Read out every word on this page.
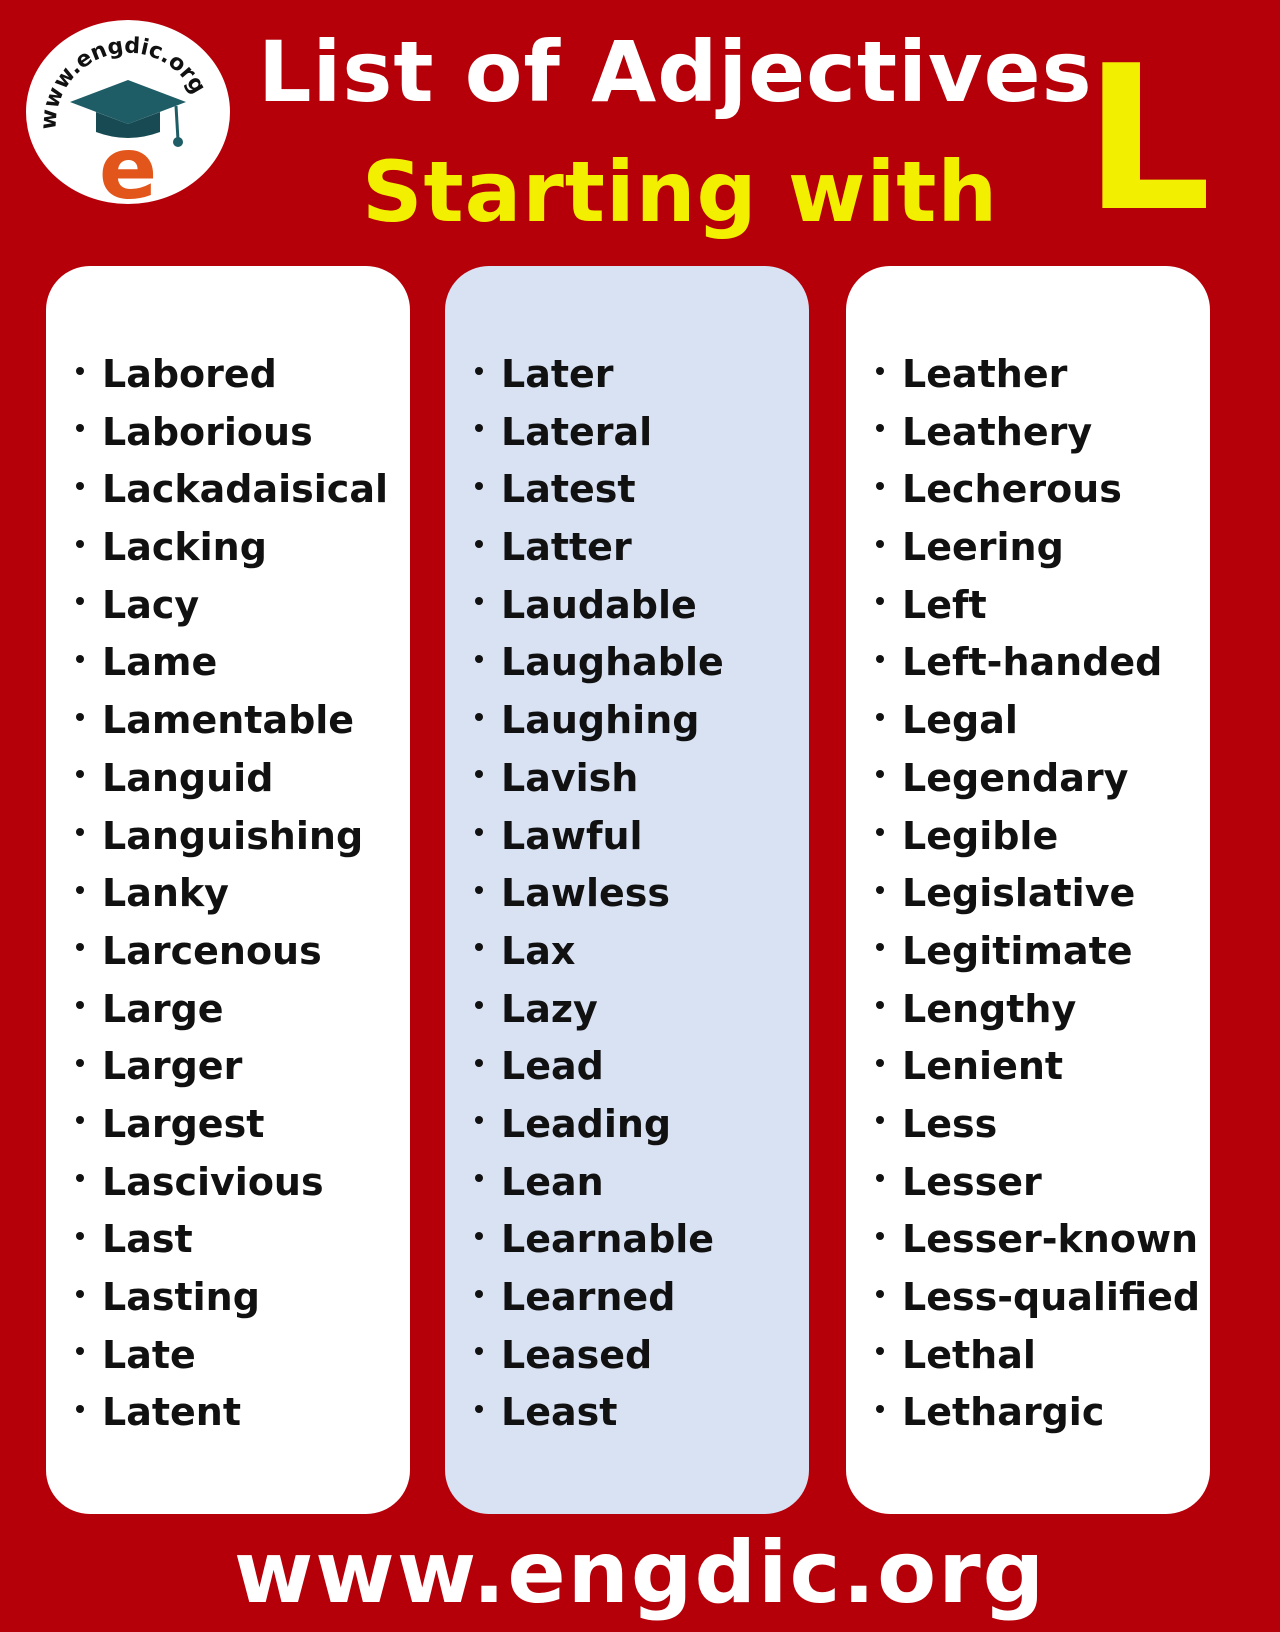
www.engdic.org
e
List of Adjectives
Starting with L
Labored
Laborious
Lackadaisical
Lacking
Lacy
Lame
Lamentable
Languid
Languishing
Lanky
Larcenous
Large
Larger
Largest
Lascivious
Last
Lasting
Late
Latent
Later
Lateral
Latest
Latter
Laudable
Laughable
Laughing
Lavish
Lawful
Lawless
Lax
Lazy
Lead
Leading
Lean
Learnable
Learned
Leased
Least
Leather
Leathery
Lecherous
Leering
Left
Left-handed
Legal
Legendary
Legible
Legislative
Legitimate
Lengthy
Lenient
Less
Lesser
Lesser-known
Less-qualified
Lethal
Lethargic
www.engdic.org
